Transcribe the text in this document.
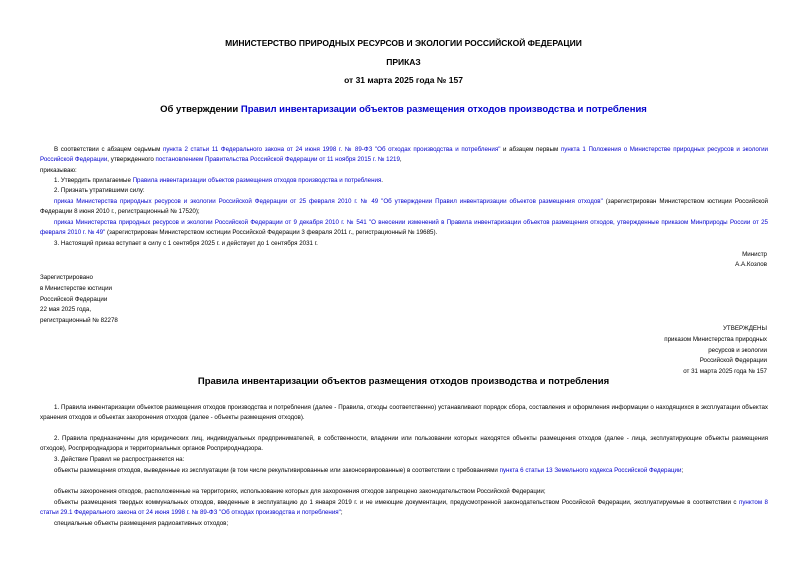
МИНИСТЕРСТВО ПРИРОДНЫХ РЕСУРСОВ И ЭКОЛОГИИ РОССИЙСКОЙ ФЕДЕРАЦИИ

ПРИКАЗ

от 31 марта 2025 года № 157

Об утверждении Правил инвентаризации объектов размещения отходов производства и потребления

В соответствии с абзацем седьмым пункта 2 статьи 11 Федерального закона от 24 июня 1998 г. № 89-ФЗ "Об отходах производства и потребления" и абзацем первым пункта 1 Положения о Министерстве природных ресурсов и экологии Российской Федерации, утвержденного постановлением Правительства Российской Федерации от 11 ноября 2015 г. № 1219,

приказываю:

1. Утвердить прилагаемые Правила инвентаризации объектов размещения отходов производства и потребления.

2. Признать утратившими силу:

приказ Министерства природных ресурсов и экологии Российской Федерации от 25 февраля 2010 г. № 49 "Об утверждении Правил инвентаризации объектов размещения отходов" (зарегистрирован Министерством юстиции Российской Федерации 8 июня 2010 г., регистрационный № 17520);

приказ Министерства природных ресурсов и экологии Российской Федерации от 9 декабря 2010 г. № 541 "О внесении изменений в Правила инвентаризации объектов размещения отходов, утвержденные приказом Минприроды России от 25 февраля 2010 г. № 49" (зарегистрирован Министерством юстиции Российской Федерации 3 февраля 2011 г., регистрационный № 19685).

3. Настоящий приказ вступает в силу с 1 сентября 2025 г. и действует до 1 сентября 2031 г.

Министр

А.А.Козлов

Зарегистрировано

в Министерстве юстиции

Российской Федерации

22 мая 2025 года,

регистрационный № 82278

УТВЕРЖДЕНЫ

приказом Министерства природных

ресурсов и экологии

Российской Федерации

от 31 марта 2025 года № 157

Правила инвентаризации объектов размещения отходов производства и потребления

1. Правила инвентаризации объектов размещения отходов производства и потребления (далее - Правила, отходы соответственно) устанавливают порядок сбора, составления и оформления информации о находящихся в эксплуатации объектах хранения отходов и объектах захоронения отходов (далее - объекты размещения отходов).

2. Правила предназначены для юридических лиц, индивидуальных предпринимателей, в собственности, владении или пользовании которых находятся объекты размещения отходов (далее - лица, эксплуатирующие объекты размещения отходов), Росприроднадзора и территориальных органов Росприроднадзора.

3. Действие Правил не распространяется на:

объекты размещения отходов, выведенные из эксплуатации (в том числе рекультивированные или законсервированные) в соответствии с требованиями пункта 6 статьи 13 Земельного кодекса Российской Федерации;

объекты захоронения отходов, расположенные на территориях, использование которых для захоронения отходов запрещено законодательством Российской Федерации;

объекты размещения твердых коммунальных отходов, введенные в эксплуатацию до 1 января 2019 г. и не имеющие документации, предусмотренной законодательством Российской Федерации, эксплуатируемые в соответствии с пунктом 8 статьи 29.1 Федерального закона от 24 июня 1998 г. № 89-ФЗ "Об отходах производства и потребления";

специальные объекты размещения радиоактивных отходов;
